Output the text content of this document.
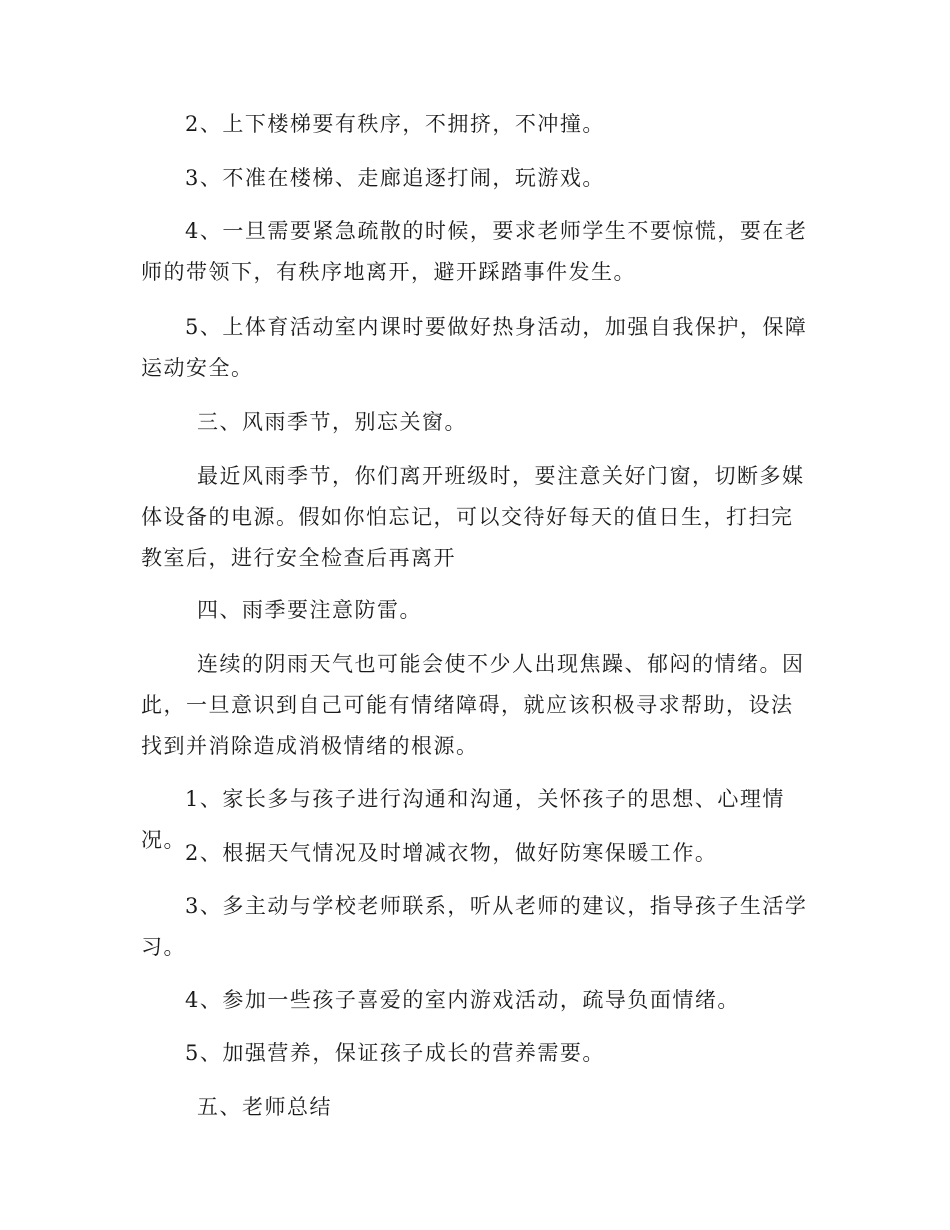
2、上下楼梯要有秩序，不拥挤，不冲撞。

3、不准在楼梯、走廊追逐打闹，玩游戏。

4、一旦需要紧急疏散的时候，要求老师学生不要惊慌，要在老师的带领下，有秩序地离开，避开踩踏事件发生。

5、上体育活动室内课时要做好热身活动，加强自我保护，保障运动安全。

三、风雨季节，别忘关窗。

最近风雨季节，你们离开班级时，要注意关好门窗，切断多媒体设备的电源。假如你怕忘记，可以交待好每天的值日生，打扫完教室后，进行安全检查后再离开

四、雨季要注意防雷。

连续的阴雨天气也可能会使不少人出现焦躁、郁闷的情绪。因此，一旦意识到自己可能有情绪障碍，就应该积极寻求帮助，设法找到并消除造成消极情绪的根源。

1、家长多与孩子进行沟通和沟通，关怀孩子的思想、心理情况。

2、根据天气情况及时增减衣物，做好防寒保暖工作。

3、多主动与学校老师联系，听从老师的建议，指导孩子生活学习。

4、参加一些孩子喜爱的室内游戏活动，疏导负面情绪。

5、加强营养，保证孩子成长的营养需要。

五、老师总结
